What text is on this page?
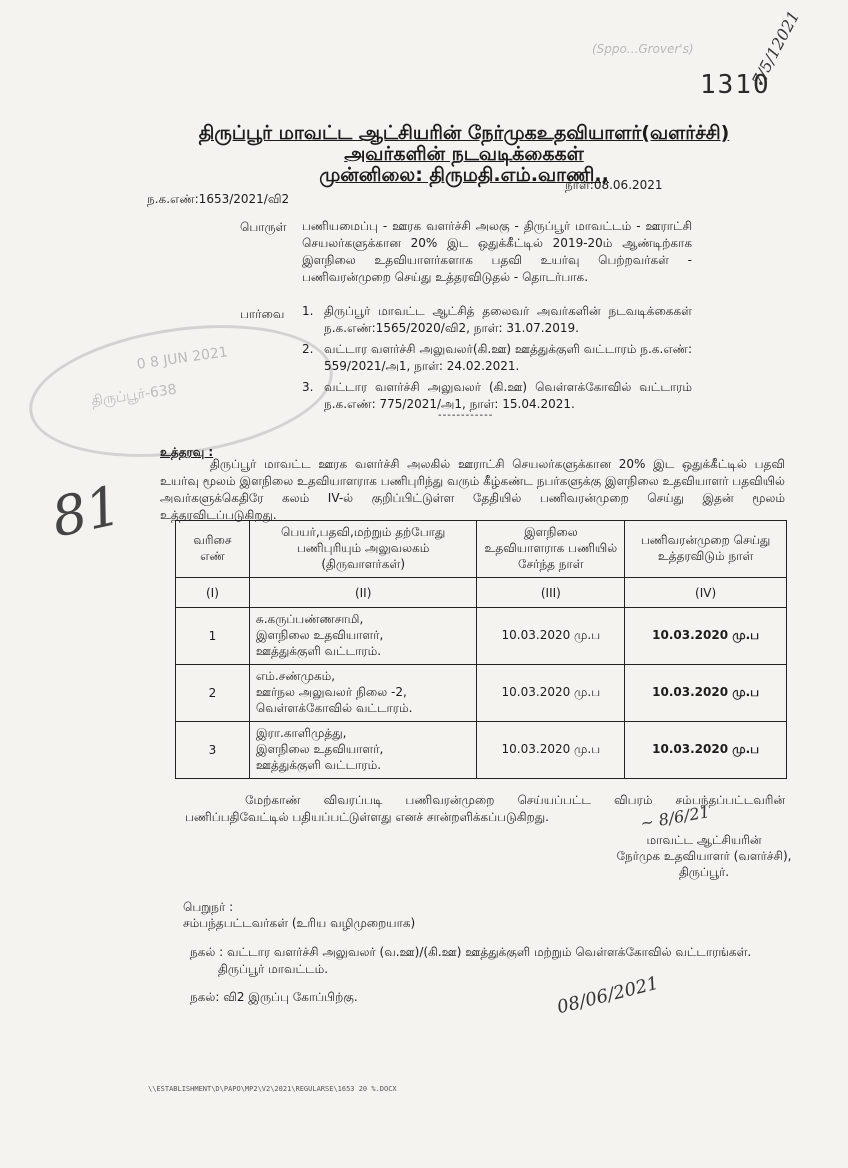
(Sppo...Grover's)
1310
7/5/12021
0 8 JUN 2021
திருப்பூர்-638
81
திருப்பூர் மாவட்ட ஆட்சியரின் நேர்முகஉதவியாளர்(வளர்ச்சி)
அவர்களின் நடவடிக்கைகள்
முன்னிலை: திருமதி.எம்.வாணி.,
நாள்:08.06.2021
ந.க.எண்:1653/2021/வி2
பொருள் பணியமைப்பு - ஊரக வளர்ச்சி அலகு - திருப்பூர் மாவட்டம் - ஊராட்சி செயலர்களுக்கான 20% இட ஒதுக்கீட்டில் 2019-20ம் ஆண்டிற்காக இளநிலை உதவியாளர்களாக பதவி உயர்வு பெற்றவர்கள் - பணிவரன்முறை செய்து உத்தரவிடுதல் - தொடர்பாக.
பார்வை 1. திருப்பூர் மாவட்ட ஆட்சித் தலைவர் அவர்களின் நடவடிக்கைகள் ந.க.எண்:1565/2020/வி2, நாள்: 31.07.2019.
2. வட்டார வளர்ச்சி அலுவலர்(கி.ஊ) ஊத்துக்குளி வட்டாரம் ந.க.எண்: 559/2021/அ1, நாள்: 24.02.2021.
3. வட்டார வளர்ச்சி அலுவலர் (கி.ஊ) வெள்ளக்கோவில் வட்டாரம் ந.க.எண்: 775/2021/அ1, நாள்: 15.04.2021.
------------
உத்தரவு :
திருப்பூர் மாவட்ட ஊரக வளர்ச்சி அலகில் ஊராட்சி செயலர்களுக்கான 20% இட ஒதுக்கீட்டில் பதவி உயர்வு மூலம் இளநிலை உதவியாளராக பணிபுரிந்து வரும் கீழ்கண்ட நபர்களுக்கு இளநிலை உதவியாளர் பதவியில் அவர்களுக்கெதிரே கலம் IV-ல் குறிப்பிட்டுள்ள தேதியில் பணிவரன்முறை செய்து இதன் மூலம் உத்தரவிடப்படுகிறது.
வரிசை எண்	பெயர்,பதவி,மற்றும் தற்போது பணிபுரியும் அலுவலகம் (திருவாளர்கள்)	இளநிலை உதவியாளராக பணியில் சேர்ந்த நாள்	பணிவரன்முறை செய்து உத்தரவிடும் நாள்
(I)	(II)	(III)	(IV)
1	சு.கருப்பண்ணசாமி,
இளநிலை உதவியாளர்,
ஊத்துக்குளி வட்டாரம்.	10.03.2020 மு.ப	10.03.2020 மு.ப
2	எம்.சண்முகம்,
ஊர்நல அலுவலர் நிலை -2,
வெள்ளக்கோவில் வட்டாரம்.	10.03.2020 மு.ப	10.03.2020 மு.ப
3	இரா.காளிமுத்து,
இளநிலை உதவியாளர்,
ஊத்துக்குளி வட்டாரம்.	10.03.2020 மு.ப	10.03.2020 மு.ப
மேற்காண் விவரப்படி பணிவரன்முறை செய்யப்பட்ட விபரம் சம்பந்தப்பட்டவரின் பணிப்பதிவேட்டில் பதியப்பட்டுள்ளது எனச் சான்றளிக்கப்படுகிறது.	~ 8/6/21
மாவட்ட ஆட்சியரின்
நேர்முக உதவியாளர் (வளர்ச்சி),
திருப்பூர்.
பெறுநர் :
சம்பந்தபட்டவர்கள் (உரிய வழிமுறையாக)
நகல் : வட்டார வளர்ச்சி அலுவலர் (வ.ஊ)/(கி.ஊ) ஊத்துக்குளி மற்றும் வெள்ளக்கோவில் வட்டாரங்கள்.
திருப்பூர் மாவட்டம்.
நகல்: வி2 இருப்பு கோப்பிற்கு.	08/06/2021
\\ESTABLISHMENT\D\PAPO\MP2\V2\2021\REGULARSE\1653 20 %.DOCX
